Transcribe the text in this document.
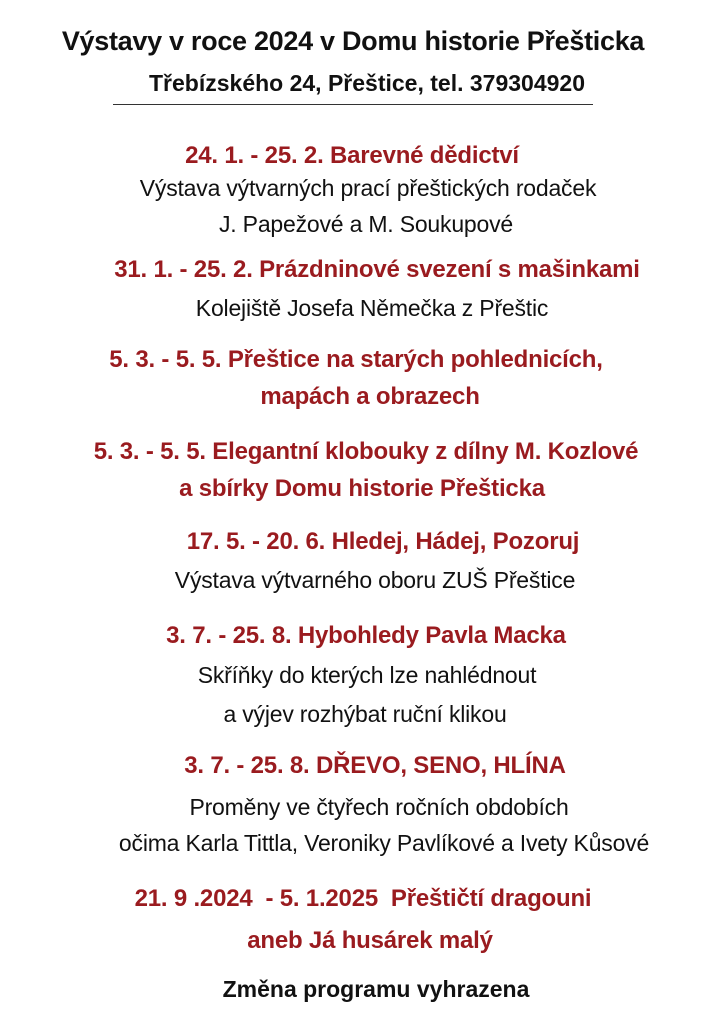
Výstavy v roce 2024 v Domu historie Přešticka
Třebízského 24, Přeštice, tel. 379304920
24. 1. - 25. 2. Barevné dědictví
Výstava výtvarných prací přeštických rodaček
J. Papežové a M. Soukupové
31. 1. - 25. 2. Prázdninové svezení s mašinkami
Kolejiště Josefa Němečka z Přeštic
5. 3. - 5. 5. Přeštice na starých pohlednicích,
mapách a obrazech
5. 3. - 5. 5. Elegantní klobouky z dílny M. Kozlové
a sbírky Domu historie Přešticka
17. 5. - 20. 6. Hledej, Hádej, Pozoruj
Výstava výtvarného oboru ZUŠ Přeštice
3. 7. - 25. 8. Hybohledy Pavla Macka
Skříňky do kterých lze nahlédnout
a výjev rozhýbat ruční klikou
3. 7. - 25. 8. DŘEVO, SENO, HLÍNA
Proměny ve čtyřech ročních obdobích
očima Karla Tittla, Veroniky Pavlíkové a Ivety Kůsové
21. 9 .2024  - 5. 1.2025  Přeštičtí dragouni
aneb Já husárek malý
Změna programu vyhrazena
